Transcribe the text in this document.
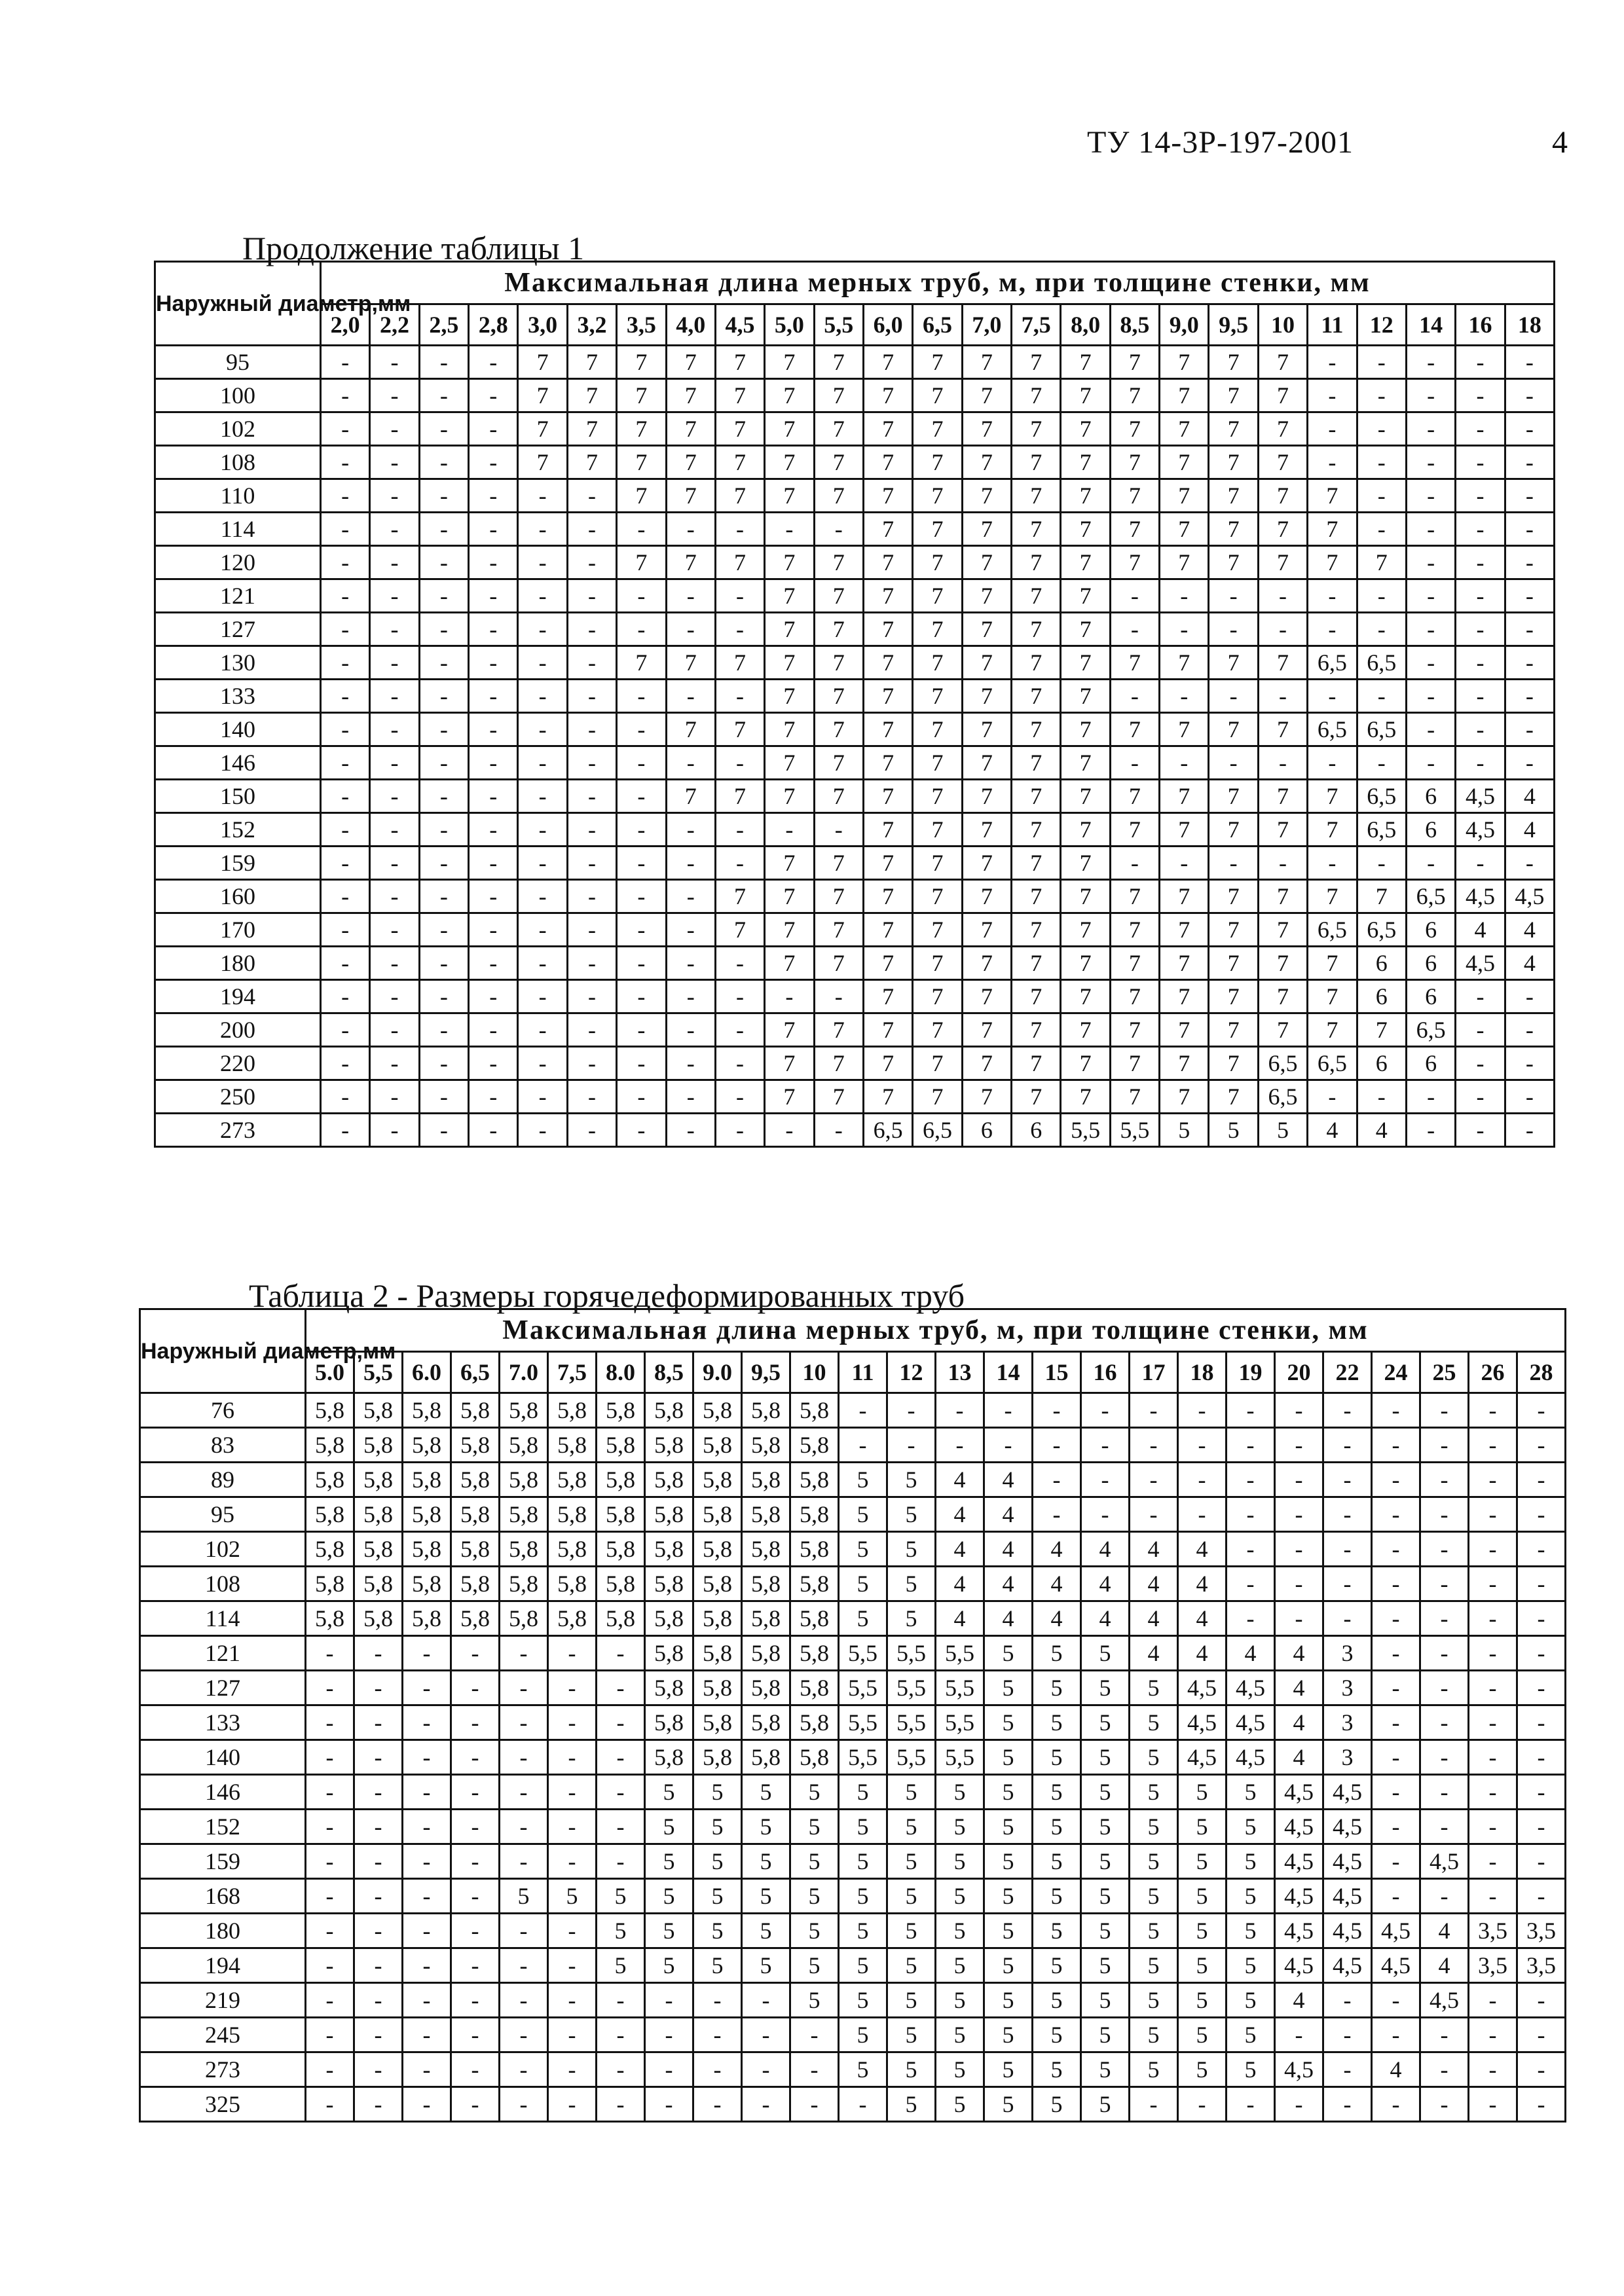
ТУ 14-3Р-197-2001	4
Продолжение таблицы 1
Наружный диаметр,мм	Максимальная длина мерных труб, м, при толщине стенки, мм																								
	2,0	2,2	2,5	2,8	3,0	3,2	3,5	4,0	4,5	5,0	5,5	6,0	6,5	7,0	7,5	8,0	8,5	9,0	9,5	10	11	12	14	16	18
95	-	-	-	-	7	7	7	7	7	7	7	7	7	7	7	7	7	7	7	7	-	-	-	-	-
100	-	-	-	-	7	7	7	7	7	7	7	7	7	7	7	7	7	7	7	7	-	-	-	-	-
102	-	-	-	-	7	7	7	7	7	7	7	7	7	7	7	7	7	7	7	7	-	-	-	-	-
108	-	-	-	-	7	7	7	7	7	7	7	7	7	7	7	7	7	7	7	7	-	-	-	-	-
110	-	-	-	-	-	-	7	7	7	7	7	7	7	7	7	7	7	7	7	7	7	-	-	-	-
114	-	-	-	-	-	-	-	-	-	-	-	7	7	7	7	7	7	7	7	7	7	-	-	-	-
120	-	-	-	-	-	-	7	7	7	7	7	7	7	7	7	7	7	7	7	7	7	7	-	-	-
121	-	-	-	-	-	-	-	-	-	7	7	7	7	7	7	7	-	-	-	-	-	-	-	-	-
127	-	-	-	-	-	-	-	-	-	7	7	7	7	7	7	7	-	-	-	-	-	-	-	-	-
130	-	-	-	-	-	-	7	7	7	7	7	7	7	7	7	7	7	7	7	7	6,5	6,5	-	-	-
133	-	-	-	-	-	-	-	-	-	7	7	7	7	7	7	7	-	-	-	-	-	-	-	-	-
140	-	-	-	-	-	-	-	7	7	7	7	7	7	7	7	7	7	7	7	7	6,5	6,5	-	-	-
146	-	-	-	-	-	-	-	-	-	7	7	7	7	7	7	7	-	-	-	-	-	-	-	-	-
150	-	-	-	-	-	-	-	7	7	7	7	7	7	7	7	7	7	7	7	7	7	6,5	6	4,5	4
152	-	-	-	-	-	-	-	-	-	-	-	7	7	7	7	7	7	7	7	7	7	6,5	6	4,5	4
159	-	-	-	-	-	-	-	-	-	7	7	7	7	7	7	7	-	-	-	-	-	-	-	-	-
160	-	-	-	-	-	-	-	-	7	7	7	7	7	7	7	7	7	7	7	7	7	7	6,5	4,5	4,5
170	-	-	-	-	-	-	-	-	7	7	7	7	7	7	7	7	7	7	7	7	6,5	6,5	6	4	4
180	-	-	-	-	-	-	-	-	-	7	7	7	7	7	7	7	7	7	7	7	7	6	6	4,5	4
194	-	-	-	-	-	-	-	-	-	-	-	7	7	7	7	7	7	7	7	7	7	6	6	-	-
200	-	-	-	-	-	-	-	-	-	7	7	7	7	7	7	7	7	7	7	7	7	7	6,5	-	-
220	-	-	-	-	-	-	-	-	-	7	7	7	7	7	7	7	7	7	7	6,5	6,5	6	6	-	-
250	-	-	-	-	-	-	-	-	-	7	7	7	7	7	7	7	7	7	7	6,5	-	-	-	-	-
273	-	-	-	-	-	-	-	-	-	-	-	6,5	6,5	6	6	5,5	5,5	5	5	5	4	4	-	-	-
Таблица 2 - Размеры горячедеформированных труб
Наружный диаметр,мм	Максимальная длина мерных труб, м, при толщине стенки, мм																									
	5.0	5,5	6.0	6,5	7.0	7,5	8.0	8,5	9.0	9,5	10	11	12	13	14	15	16	17	18	19	20	22	24	25	26	28
76	5,8	5,8	5,8	5,8	5,8	5,8	5,8	5,8	5,8	5,8	5,8	-	-	-	-	-	-	-	-	-	-	-	-	-	-	-
83	5,8	5,8	5,8	5,8	5,8	5,8	5,8	5,8	5,8	5,8	5,8	-	-	-	-	-	-	-	-	-	-	-	-	-	-	-
89	5,8	5,8	5,8	5,8	5,8	5,8	5,8	5,8	5,8	5,8	5,8	5	5	4	4	-	-	-	-	-	-	-	-	-	-	-
95	5,8	5,8	5,8	5,8	5,8	5,8	5,8	5,8	5,8	5,8	5,8	5	5	4	4	-	-	-	-	-	-	-	-	-	-	-
102	5,8	5,8	5,8	5,8	5,8	5,8	5,8	5,8	5,8	5,8	5,8	5	5	4	4	4	4	4	4	-	-	-	-	-	-	-
108	5,8	5,8	5,8	5,8	5,8	5,8	5,8	5,8	5,8	5,8	5,8	5	5	4	4	4	4	4	4	-	-	-	-	-	-	-
114	5,8	5,8	5,8	5,8	5,8	5,8	5,8	5,8	5,8	5,8	5,8	5	5	4	4	4	4	4	4	-	-	-	-	-	-	-
121	-	-	-	-	-	-	-	5,8	5,8	5,8	5,8	5,5	5,5	5,5	5	5	5	4	4	4	4	3	-	-	-	-
127	-	-	-	-	-	-	-	5,8	5,8	5,8	5,8	5,5	5,5	5,5	5	5	5	5	4,5	4,5	4	3	-	-	-	-
133	-	-	-	-	-	-	-	5,8	5,8	5,8	5,8	5,5	5,5	5,5	5	5	5	5	4,5	4,5	4	3	-	-	-	-
140	-	-	-	-	-	-	-	5,8	5,8	5,8	5,8	5,5	5,5	5,5	5	5	5	5	4,5	4,5	4	3	-	-	-	-
146	-	-	-	-	-	-	-	5	5	5	5	5	5	5	5	5	5	5	5	5	4,5	4,5	-	-	-	-
152	-	-	-	-	-	-	-	5	5	5	5	5	5	5	5	5	5	5	5	5	4,5	4,5	-	-	-	-
159	-	-	-	-	-	-	-	5	5	5	5	5	5	5	5	5	5	5	5	5	4,5	4,5	-	4,5	-	-
168	-	-	-	-	5	5	5	5	5	5	5	5	5	5	5	5	5	5	5	5	4,5	4,5	-	-	-	-
180	-	-	-	-	-	-	5	5	5	5	5	5	5	5	5	5	5	5	5	5	4,5	4,5	4,5	4	3,5	3,5
194	-	-	-	-	-	-	5	5	5	5	5	5	5	5	5	5	5	5	5	5	4,5	4,5	4,5	4	3,5	3,5
219	-	-	-	-	-	-	-	-	-	-	5	5	5	5	5	5	5	5	5	5	4	-	-	4,5	-	-
245	-	-	-	-	-	-	-	-	-	-	-	5	5	5	5	5	5	5	5	5	-	-	-	-	-	-
273	-	-	-	-	-	-	-	-	-	-	-	5	5	5	5	5	5	5	5	5	4,5	-	4	-	-	-
325	-	-	-	-	-	-	-	-	-	-	-	-	5	5	5	5	5	-	-	-	-	-	-	-	-	-
